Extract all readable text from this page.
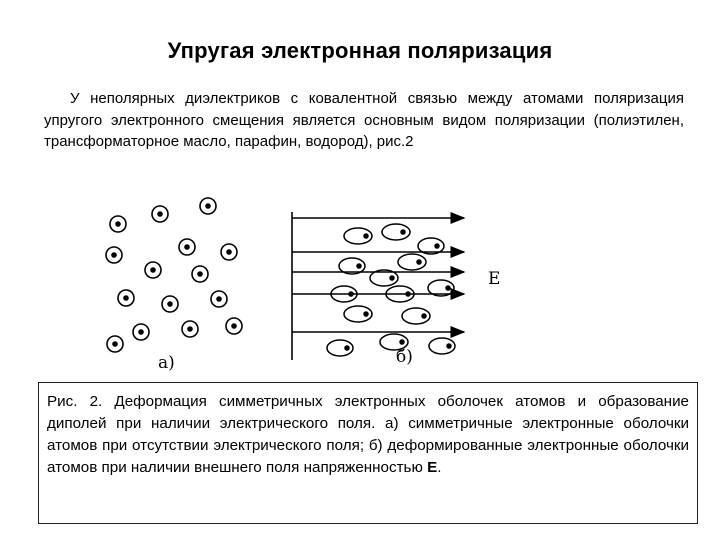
Упругая электронная поляризация
У неполярных диэлектриков с ковалентной связью между атомами поляризация упругого электронного смещения является основным видом поляризации (полиэтилен, трансформаторное масло, парафин, водород), рис.2
а)
E
б)
Рис. 2. Деформация симметричных электронных оболочек атомов и образование диполей при наличии электрического поля. а) симметричные электронные оболочки атомов при отсутствии электрического поля; б) деформированные электронные оболочки атомов при наличии внешнего поля напряженностью E.
